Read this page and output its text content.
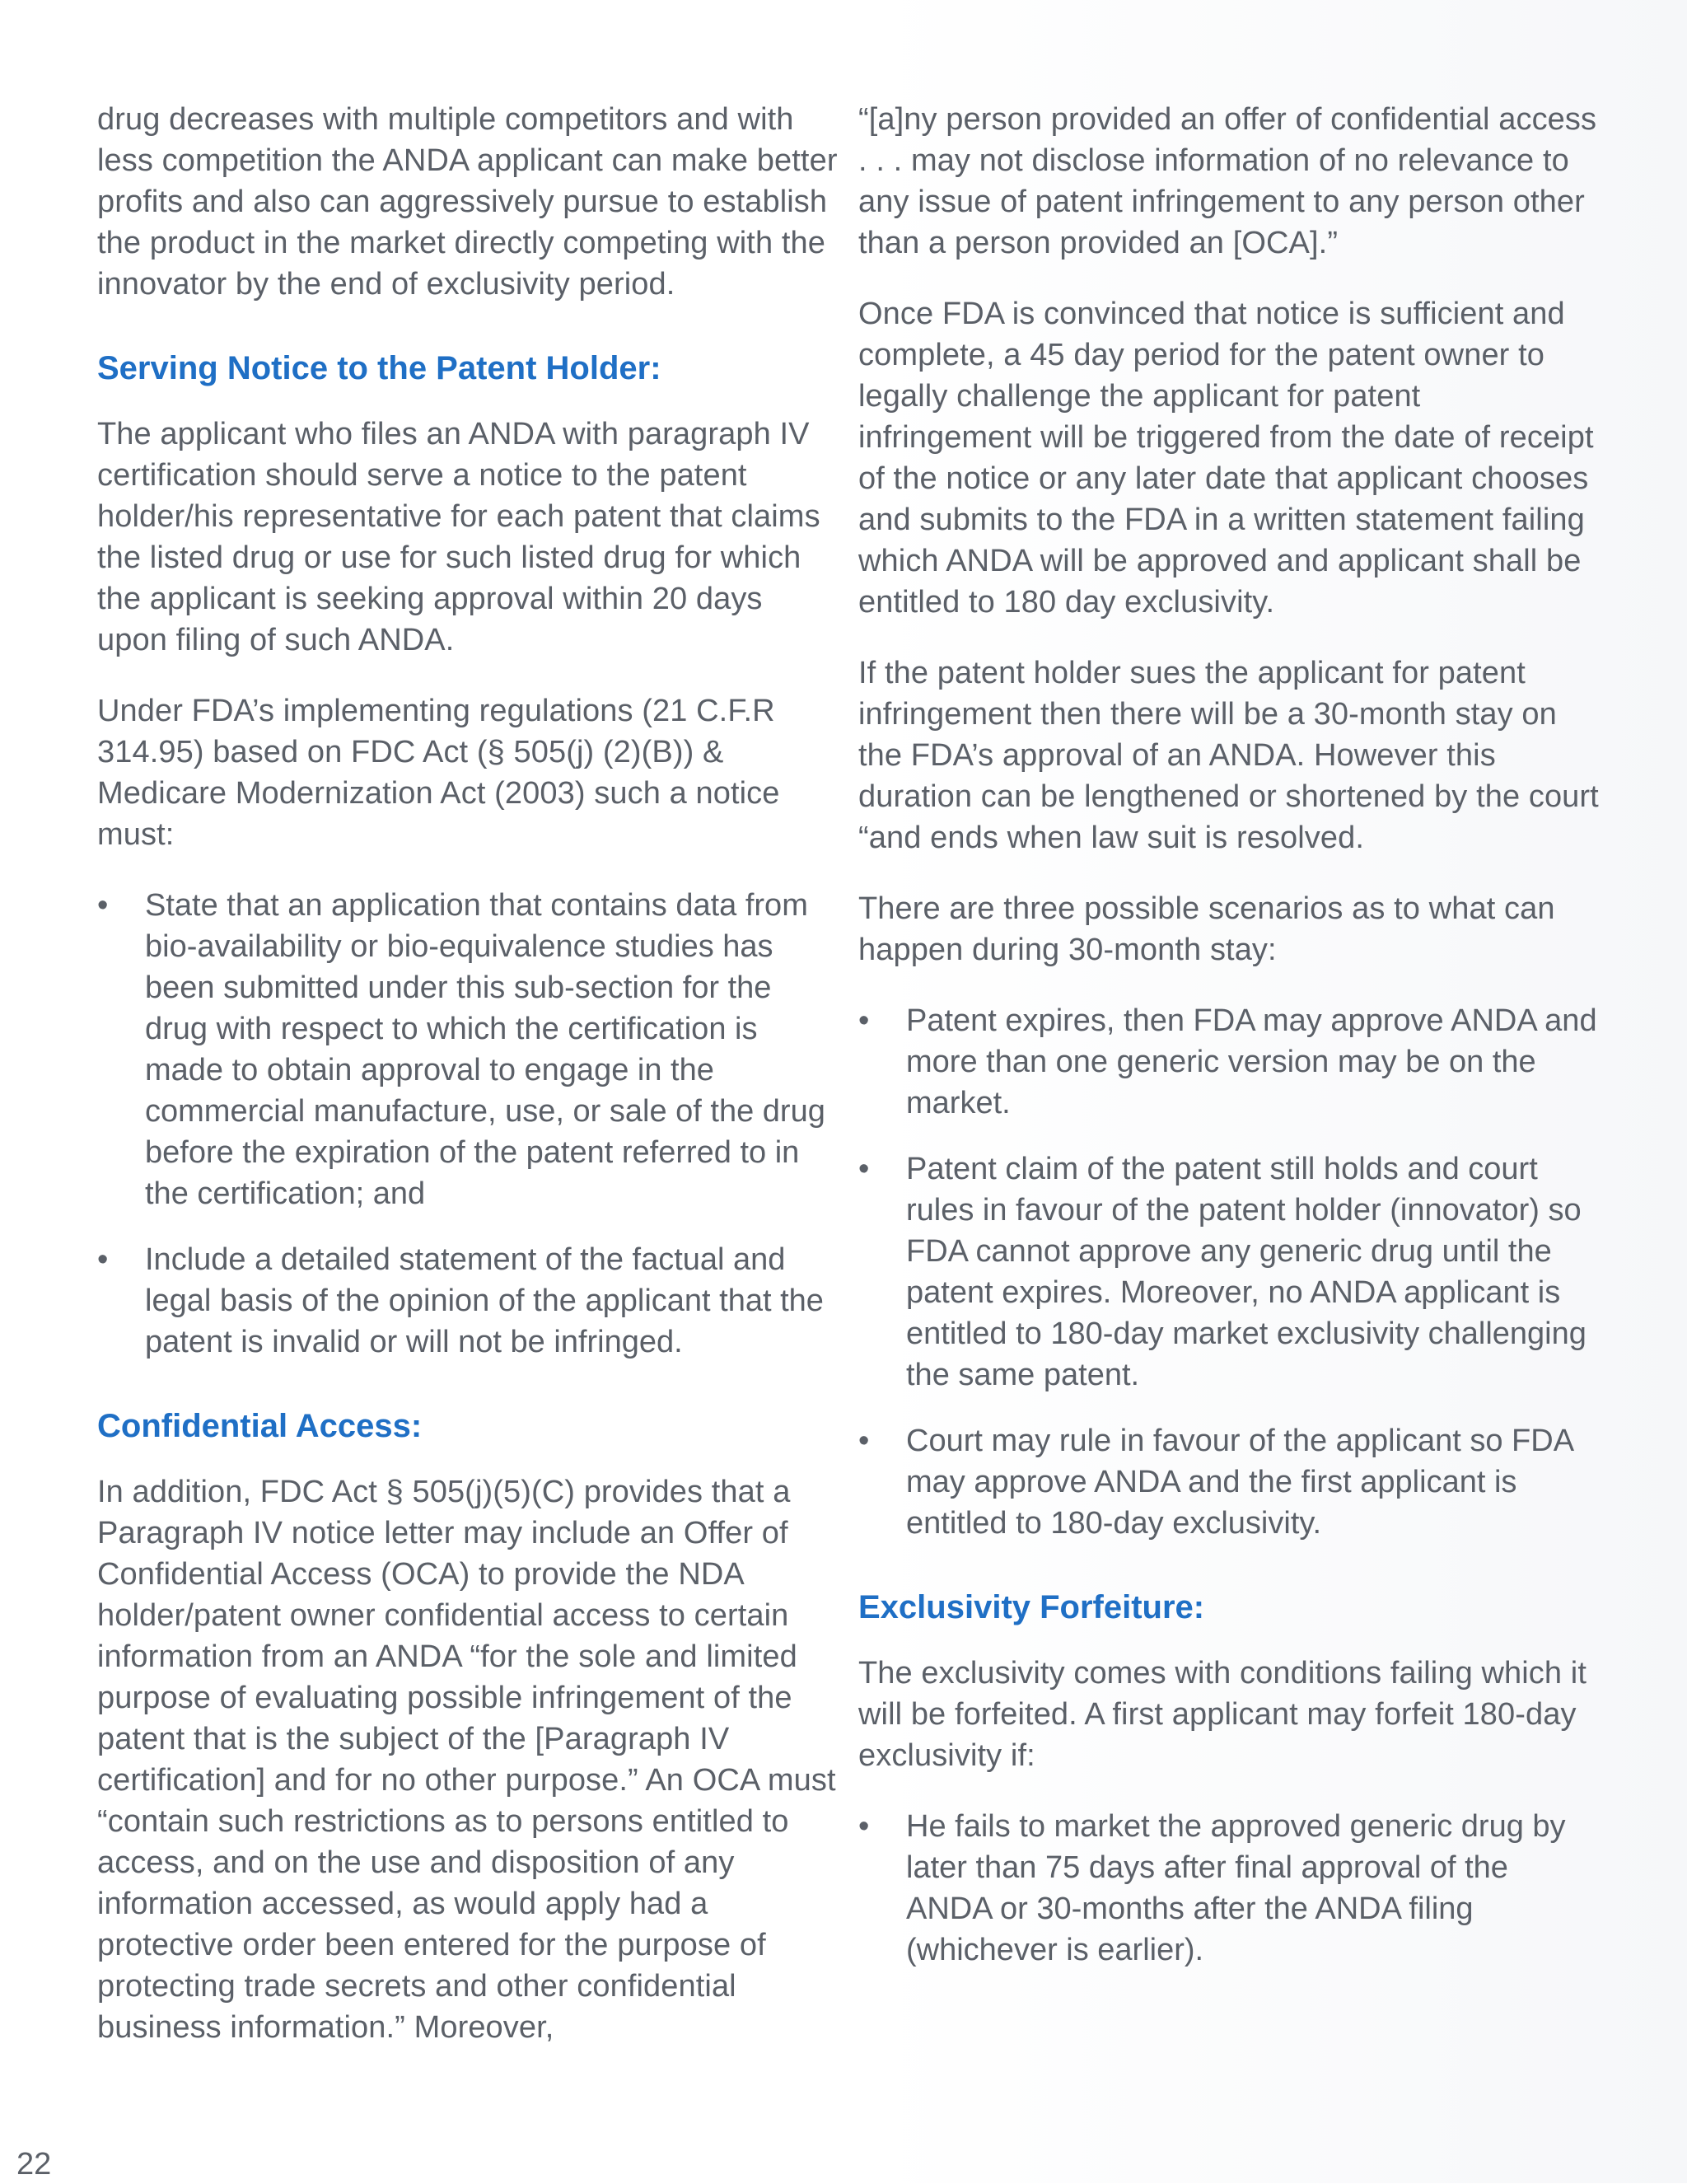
drug decreases with multiple competitors and with less competition the ANDA applicant can make better profits and also can aggressively pursue to establish the product in the market directly competing with the innovator by the end of exclusivity period.

Serving Notice to the Patent Holder:

The applicant who files an ANDA with paragraph IV certification should serve a notice to the patent holder/his representative for each patent that claims the listed drug or use for such listed drug for which the applicant is seeking approval within 20 days upon filing of such ANDA.

Under FDA’s implementing regulations (21 C.F.R 314.95) based on FDC Act (§ 505(j) (2)(B)) & Medicare Modernization Act (2003) such a notice must:

•	State that an application that contains data from bio-availability or bio-equivalence studies has been submitted under this sub-section for the drug with respect to which the certification is made to obtain approval to engage in the commercial manufacture, use, or sale of the drug before the expiration of the patent referred to in the certification; and
•	Include a detailed statement of the factual and legal basis of the opinion of the applicant that the patent is invalid or will not be infringed.
Confidential Access:

In addition, FDC Act § 505(j)(5)(C) provides that a Paragraph IV notice letter may include an Offer of Confidential Access (OCA) to provide the NDA holder/patent owner confidential access to certain information from an ANDA “for the sole and limited purpose of evaluating possible infringement of the patent that is the subject of the [Paragraph IV certification] and for no other purpose.” An OCA must “contain such restrictions as to persons entitled to access, and on the use and disposition of any information accessed, as would apply had a protective order been entered for the purpose of protecting trade secrets and other confidential business information.” Moreover,

“[a]ny person provided an offer of confidential access . . . may not disclose information of no relevance to any issue of patent infringement to any person other than a person provided an [OCA].”

Once FDA is convinced that notice is sufficient and complete, a 45 day period for the patent owner to legally challenge the applicant for patent infringement will be triggered from the date of receipt of the notice or any later date that applicant chooses and submits to the FDA in a written statement failing which ANDA will be approved and applicant shall be entitled to 180 day exclusivity.

If the patent holder sues the applicant for patent infringement then there will be a 30-month stay on the FDA’s approval of an ANDA. However this duration can be lengthened or shortened by the court “and ends when law suit is resolved.

There are three possible scenarios as to what can happen during 30-month stay:

•	Patent expires, then FDA may approve ANDA and more than one generic version may be on the market.
•	Patent claim of the patent still holds and court rules in favour of the patent holder (innovator) so FDA cannot approve any generic drug until the patent expires. Moreover, no ANDA applicant is entitled to 180-day market exclusivity challenging the same patent.
•	Court may rule in favour of the applicant so FDA may approve ANDA and the first applicant is entitled to 180-day exclusivity.
Exclusivity Forfeiture:

The exclusivity comes with conditions failing which it will be forfeited. A first applicant may forfeit 180-day exclusivity if:

•	He fails to market the approved generic drug by later than 75 days after final approval of the ANDA or 30-months after the ANDA filing (whichever is earlier).
22
